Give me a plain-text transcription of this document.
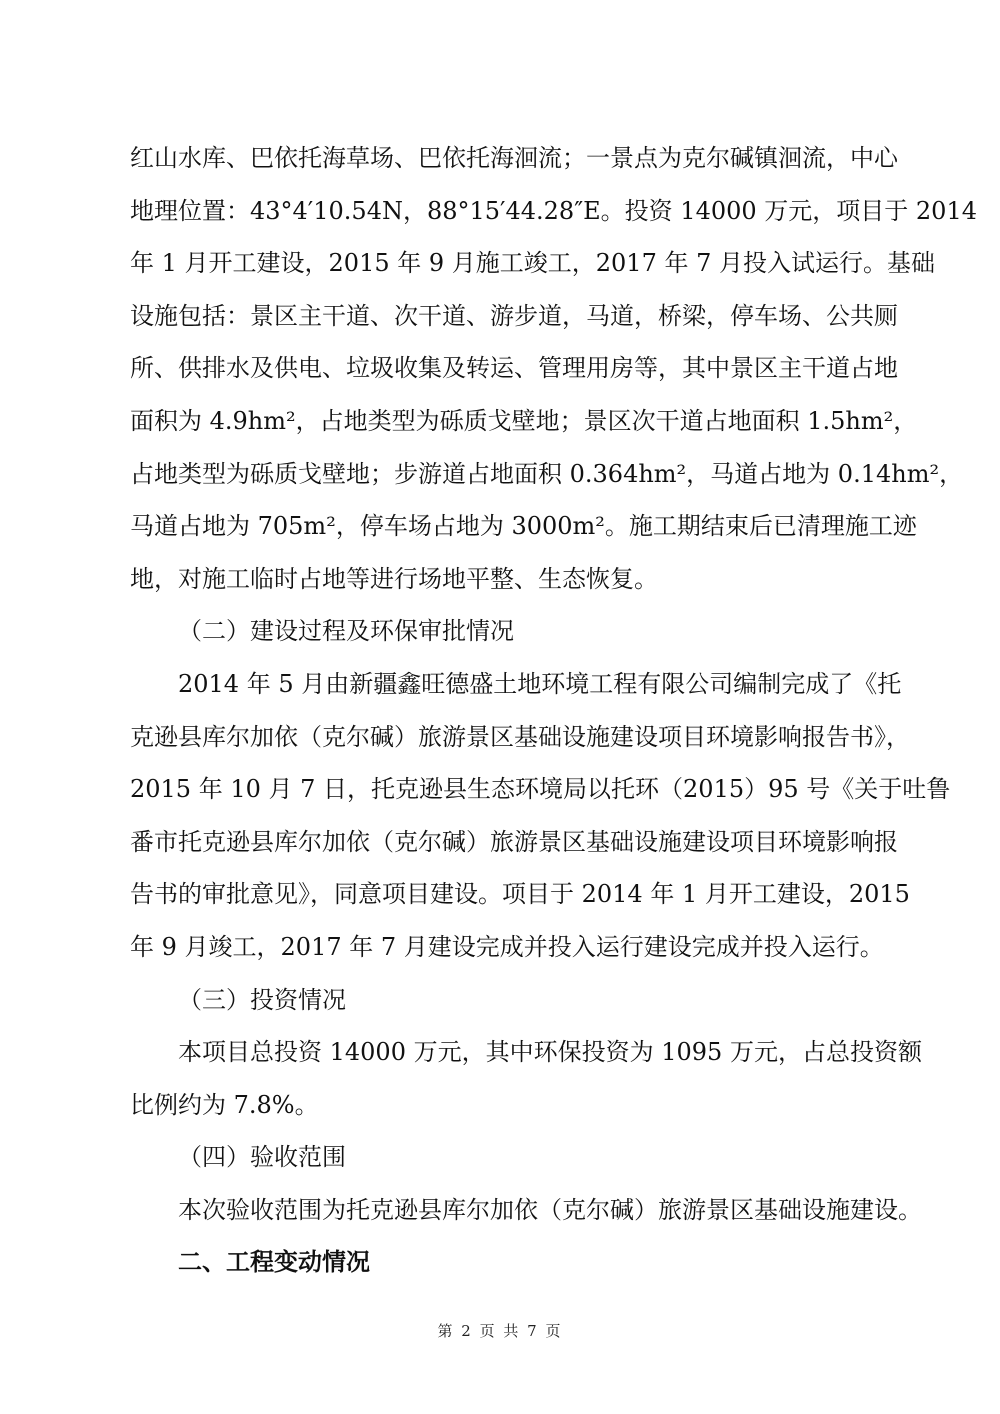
红山水库、巴依托海草场、巴依托海洄流；一景点为克尔碱镇洄流，中心
地理位置：43°4′10.54N，88°15′44.28″E。投资 14000 万元，项目于 2014
年 1 月开工建设，2015 年 9 月施工竣工，2017 年 7 月投入试运行。基础
设施包括：景区主干道、次干道、游步道，马道，桥梁，停车场、公共厕
所、供排水及供电、垃圾收集及转运、管理用房等，其中景区主干道占地
面积为 4.9hm²，占地类型为砾质戈壁地；景区次干道占地面积 1.5hm²，
占地类型为砾质戈壁地；步游道占地面积 0.364hm²，马道占地为 0.14hm²，
马道占地为 705m²，停车场占地为 3000m²。施工期结束后已清理施工迹
地，对施工临时占地等进行场地平整、生态恢复。

（二）建设过程及环保审批情况

2014 年 5 月由新疆鑫旺德盛土地环境工程有限公司编制完成了《托
克逊县库尔加依（克尔碱）旅游景区基础设施建设项目环境影响报告书》，
2015 年 10 月 7 日，托克逊县生态环境局以托环（2015）95 号《关于吐鲁
番市托克逊县库尔加依（克尔碱）旅游景区基础设施建设项目环境影响报
告书的审批意见》，同意项目建设。项目于 2014 年 1 月开工建设，2015
年 9 月竣工，2017 年 7 月建设完成并投入运行建设完成并投入运行。

（三）投资情况

本项目总投资 14000 万元，其中环保投资为 1095 万元，占总投资额
比例约为 7.8%。

（四）验收范围

本次验收范围为托克逊县库尔加依（克尔碱）旅游景区基础设施建设。

二、工程变动情况

第 2 页 共 7 页
